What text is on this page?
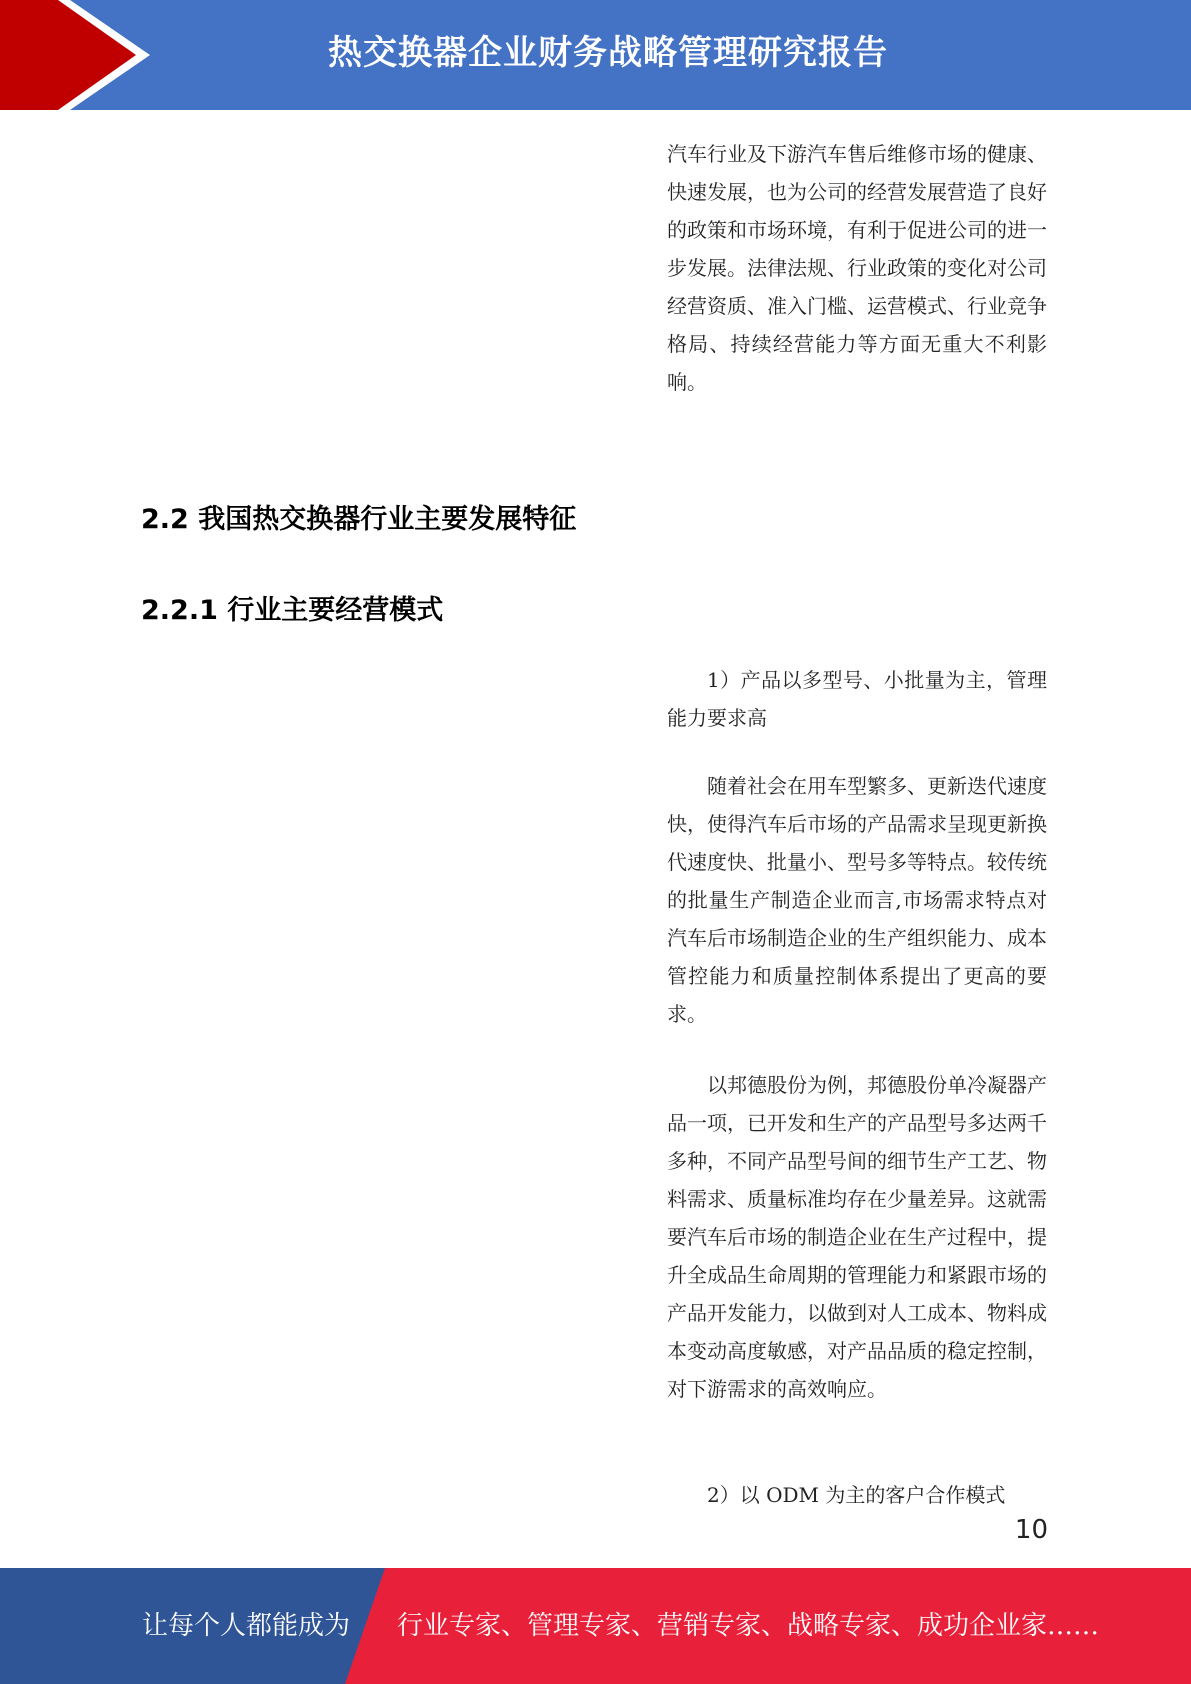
热交换器企业财务战略管理研究报告

汽车行业及下游汽车售后维修市场的健康、快速发展，也为公司的经营发展营造了良好的政策和市场环境，有利于促进公司的进一步发展。法律法规、行业政策的变化对公司经营资质、准入门槛、运营模式、行业竞争格局、持续经营能力等方面无重大不利影响。

2.2 我国热交换器行业主要发展特征
2.2.1 行业主要经营模式

1）产品以多型号、小批量为主，管理能力要求高

随着社会在用车型繁多、更新迭代速度快，使得汽车后市场的产品需求呈现更新换代速度快、批量小、型号多等特点。较传统的批量生产制造企业而言,市场需求特点对汽车后市场制造企业的生产组织能力、成本管控能力和质量控制体系提出了更高的要求。

以邦德股份为例，邦德股份单冷凝器产品一项，已开发和生产的产品型号多达两千多种，不同产品型号间的细节生产工艺、物料需求、质量标准均存在少量差异。这就需要汽车后市场的制造企业在生产过程中，提升全成品生命周期的管理能力和紧跟市场的产品开发能力，以做到对人工成本、物料成本变动高度敏感，对产品品质的稳定控制，对下游需求的高效响应。

2）以 ODM 为主的客户合作模式

10
让每个人都能成为 行业专家、管理专家、营销专家、战略专家、成功企业家……
